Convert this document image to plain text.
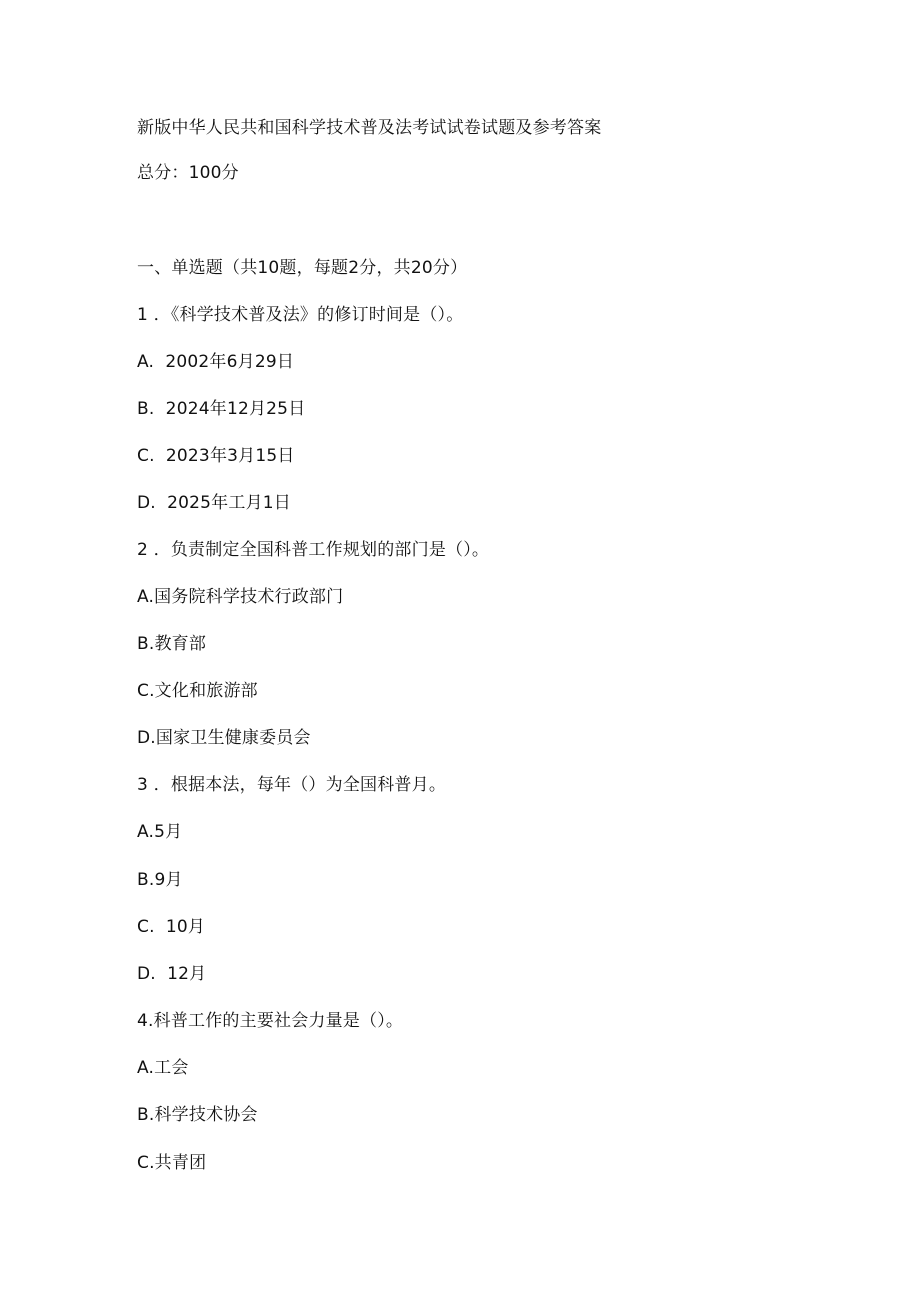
新版中华人民共和国科学技术普及法考试试卷试题及参考答案
总分：100分
一、单选题（共10题，每题2分，共20分）
1 ．《科学技术普及法》的修订时间是（）。
A.  2002年6月29日
B.  2024年12月25日
C.  2023年3月15日
D.  2025年工月1日
2 ．负责制定全国科普工作规划的部门是（）。
A.国务院科学技术行政部门
B.教育部
C.文化和旅游部
D.国家卫生健康委员会
3 ．根据本法，每年（）为全国科普月。
A.5月
B.9月
C.  10月
D.  12月
4.科普工作的主要社会力量是（）。
A.工会
B.科学技术协会
C.共青团
